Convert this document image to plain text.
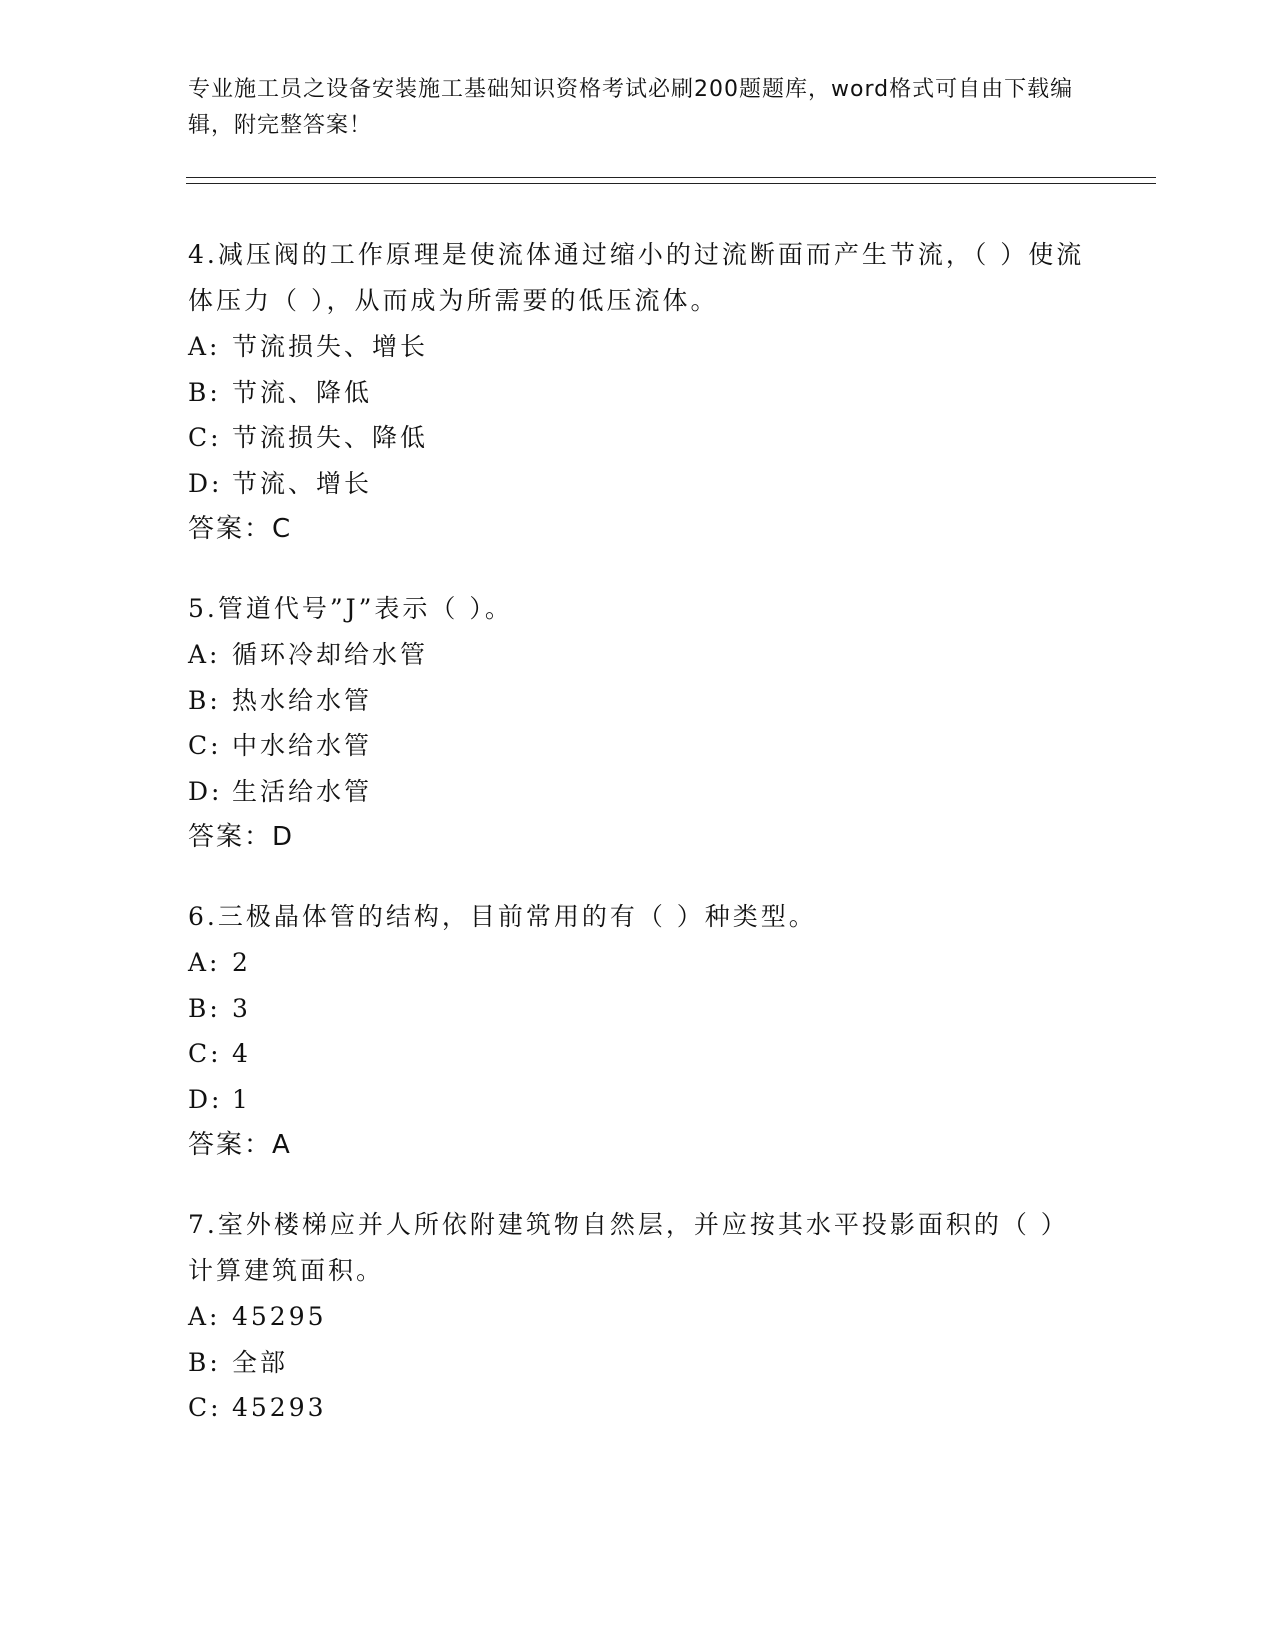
专业施工员之设备安装施工基础知识资格考试必刷200题题库，word格式可自由下载编辑，附完整答案！
4.减压阀的工作原理是使流体通过缩小的过流断面而产生节流，（ ）使流体压力（ ），从而成为所需要的低压流体。
A: 节流损失、增长
B: 节流、降低
C: 节流损失、降低
D: 节流、增长
答案：C
5.管道代号”J”表示（ ）。
A: 循环冷却给水管
B: 热水给水管
C: 中水给水管
D: 生活给水管
答案：D
6.三极晶体管的结构，目前常用的有（ ）种类型。
A: 2
B: 3
C: 4
D: 1
答案：A
7.室外楼梯应并人所依附建筑物自然层，并应按其水平投影面积的（ ）计算建筑面积。
A: 45295
B: 全部
C: 45293
